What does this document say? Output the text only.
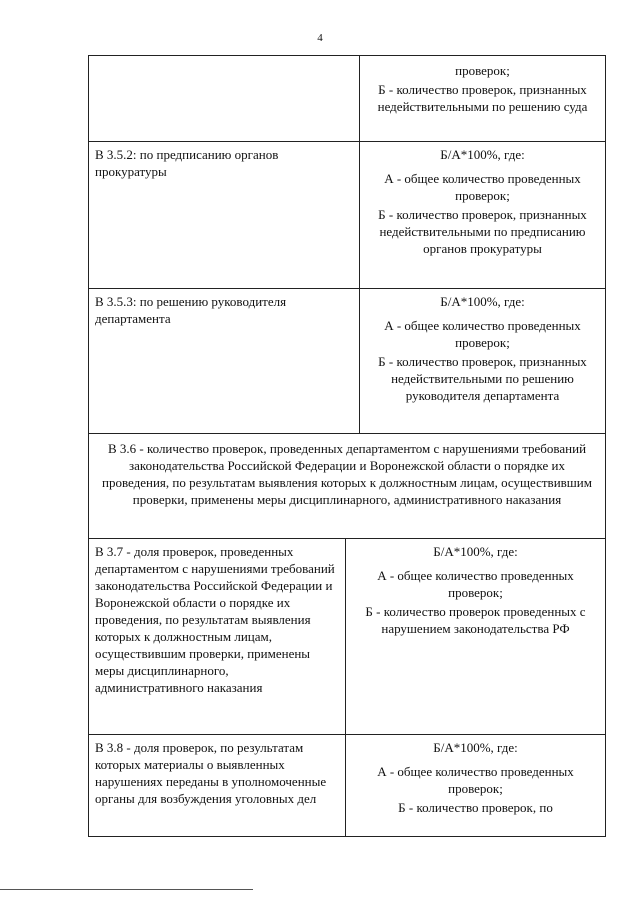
4

проверок;

Б - количество проверок, признанных недействительными по решению суда

В 3.5.2: по предписанию органов прокуратуры

Б/А*100%, где:

А - общее количество проведенных проверок;

Б - количество проверок, признанных недействительными по предписанию органов прокуратуры

В 3.5.3: по решению руководителя департамента

Б/А*100%, где:

А - общее количество проведенных проверок;

Б - количество проверок, признанных недействительными по решению руководителя департамента

В 3.6 - количество проверок, проведенных департаментом с нарушениями требований законодательства Российской Федерации и Воронежской области о порядке их проведения, по результатам выявления которых к должностным лицам, осуществившим проверки, применены меры дисциплинарного, административного наказания

В 3.7 - доля проверок, проведенных департаментом с нарушениями требований законодательства Российской Федерации и Воронежской области о порядке их проведения, по результатам выявления которых к должностным лицам, осуществившим проверки, применены меры дисциплинарного, административного наказания

Б/А*100%, где:

А - общее количество проведенных проверок;

Б - количество проверок проведенных с нарушением законодательства РФ

В 3.8 - доля проверок, по результатам которых материалы о выявленных нарушениях переданы в уполномоченные органы для возбуждения уголовных дел

Б/А*100%, где:

А - общее количество проведенных проверок;

Б - количество проверок, по
